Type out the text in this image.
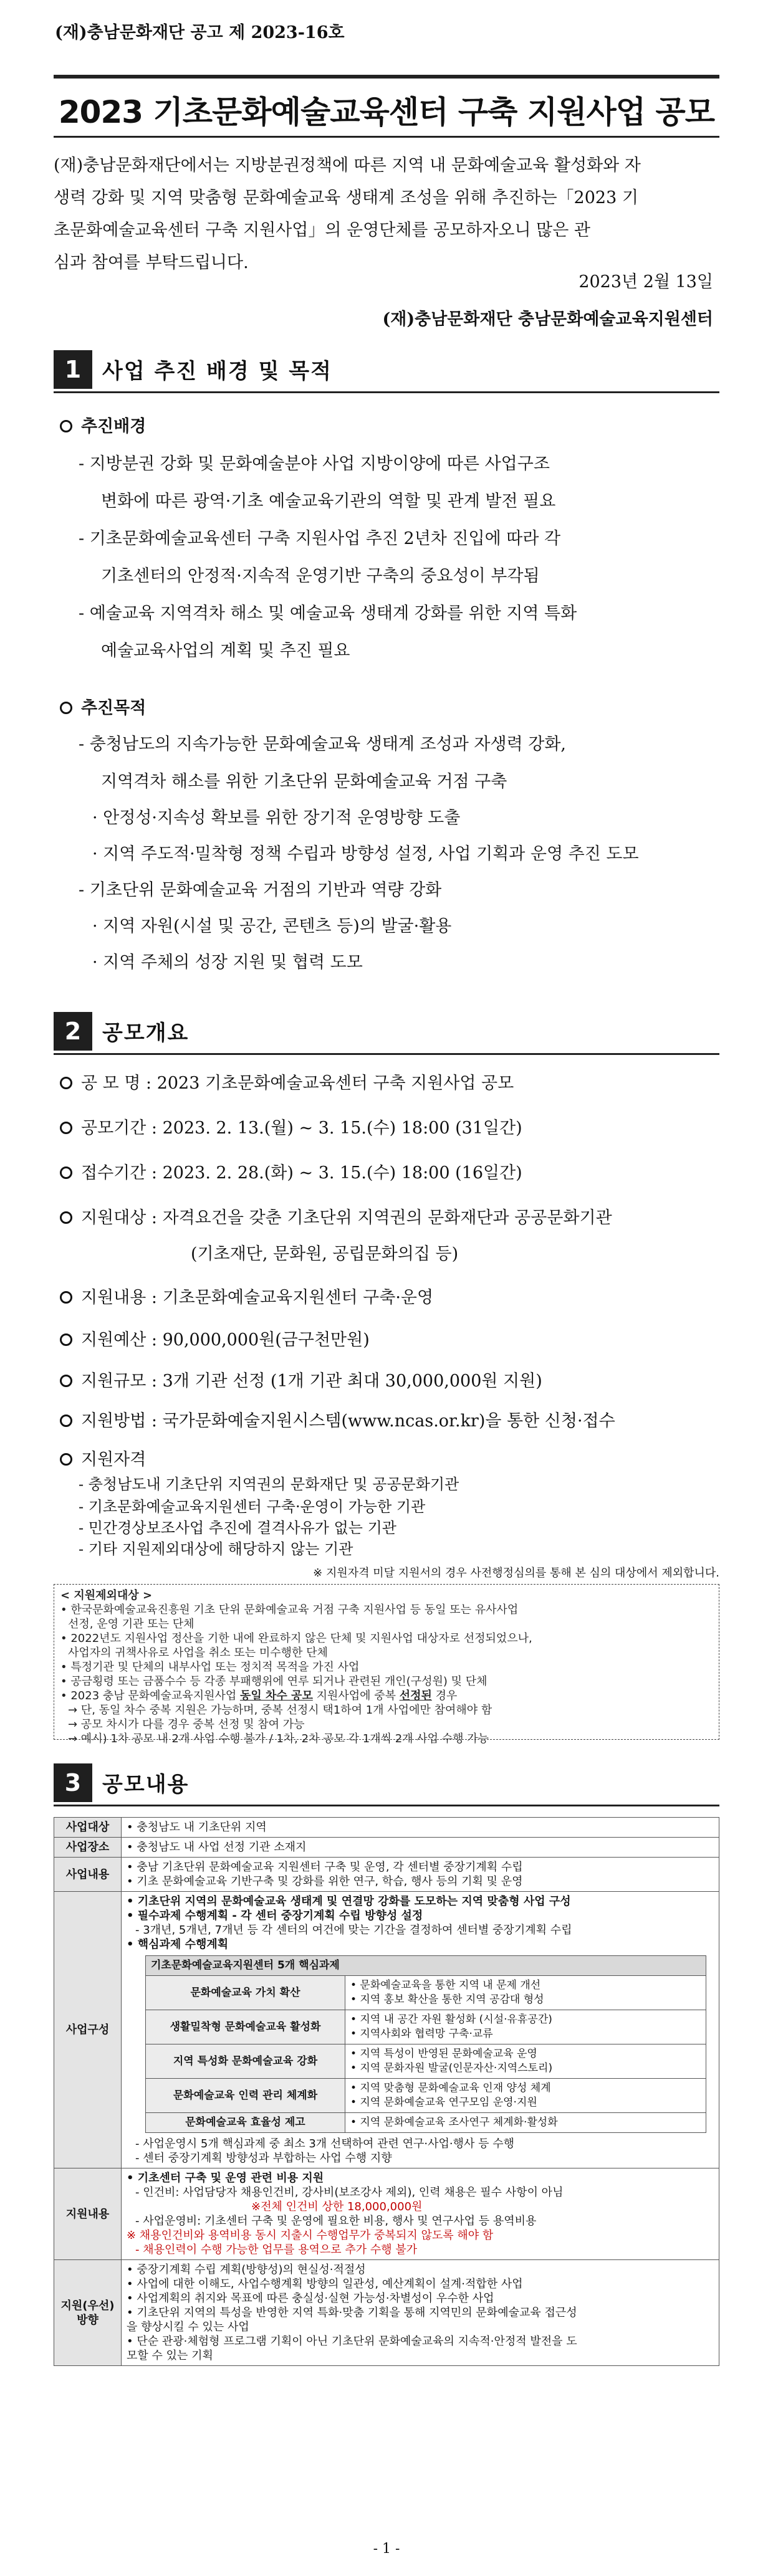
(재)충남문화재단 공고 제 2023-16호
2023 기초문화예술교육센터 구축 지원사업 공모
(재)충남문화재단에서는 지방분권정책에 따른 지역 내 문화예술교육 활성화와 자
생력 강화 및 지역 맞춤형 문화예술교육 생태계 조성을 위해 추진하는「2023 기
초문화예술교육센터 구축 지원사업」의 운영단체를 공모하자오니 많은 관
심과 참여를 부탁드립니다.
2023년 2월 13일
(재)충남문화재단 충남문화예술교육지원센터
1 사업 추진 배경 및 목적
추진배경
- 지방분권 강화 및 문화예술분야 사업 지방이양에 따른 사업구조
변화에 따른 광역·기초 예술교육기관의 역할 및 관계 발전 필요
- 기초문화예술교육센터 구축 지원사업 추진 2년차 진입에 따라 각
기초센터의 안정적·지속적 운영기반 구축의 중요성이 부각됨
- 예술교육 지역격차 해소 및 예술교육 생태계 강화를 위한 지역 특화
예술교육사업의 계획 및 추진 필요
추진목적
- 충청남도의 지속가능한 문화예술교육 생태계 조성과 자생력 강화,
지역격차 해소를 위한 기초단위 문화예술교육 거점 구축
· 안정성·지속성 확보를 위한 장기적 운영방향 도출
· 지역 주도적·밀착형 정책 수립과 방향성 설정, 사업 기획과 운영 추진 도모
- 기초단위 문화예술교육 거점의 기반과 역량 강화
· 지역 자원(시설 및 공간, 콘텐츠 등)의 발굴·활용
· 지역 주체의 성장 지원 및 협력 도모
2 공모개요
공 모 명 : 2023 기초문화예술교육센터 구축 지원사업 공모
공모기간 : 2023. 2. 13.(월) ~ 3. 15.(수) 18:00 (31일간)
접수기간 : 2023. 2. 28.(화) ~ 3. 15.(수) 18:00 (16일간)
지원대상 : 자격요건을 갖춘 기초단위 지역권의 문화재단과 공공문화기관
(기초재단, 문화원, 공립문화의집 등)
지원내용 : 기초문화예술교육지원센터 구축·운영
지원예산 : 90,000,000원(금구천만원)
지원규모 : 3개 기관 선정 (1개 기관 최대 30,000,000원 지원)
지원방법 : 국가문화예술지원시스템(www.ncas.or.kr)을 통한 신청·접수
지원자격
- 충청남도내 기초단위 지역권의 문화재단 및 공공문화기관
※ 지원자격 미달 지원서의 경우 사전행정심의를 통해 본 심의 대상에서 제외합니다.
< 지원제외대상 >
• 한국문화예술교육진흥원 기초 단위 문화예술교육 거점 구축 지원사업 등 동일 또는 유사사업
선정, 운영 기관 또는 단체
• 2022년도 지원사업 정산을 기한 내에 완료하지 않은 단체 및 지원사업 대상자로 선정되었으나,
사업자의 귀책사유로 사업을 취소 또는 미수행한 단체
• 특정기관 및 단체의 내부사업 또는 정치적 목적을 가진 사업
• 공금횡령 또는 금품수수 등 각종 부패행위에 연루 되거나 관련된 개인(구성원) 및 단체
• 2023 충남 문화예술교육지원사업 동일 차수 공모 지원사업에 중복 선정된 경우
→ 단, 동일 차수 중복 지원은 가능하며, 중복 선정시 택1하여 1개 사업에만 참여해야 함
→ 공모 차시가 다를 경우 중복 선정 및 참여 가능
→ 예시) 1차 공모 내 2개 사업 수행 불가 / 1차, 2차 공모 각 1개씩 2개 사업 수행 가능
3 공모내용
사업대상	• 충청남도 내 기초단위 지역
사업장소	• 충청남도 내 사업 선정 기관 소재지
사업내용	
• 충남 기초단위 문화예술교육 지원센터 구축 및 운영, 각 센터별 중장기계획 수립
• 기초 문화예술교육 기반구축 및 강화를 위한 연구, 학습, 행사 등의 기획 및 운영

사업구성	
• 기초단위 지역의 문화예술교육 생태계 및 연결망 강화를 도모하는 지역 맞춤형 사업 구성
• 필수과제 수행계획 - 각 센터 중장기계획 수립 방향성 설정
- 3개년, 5개년, 7개년 등 각 센터의 여건에 맞는 기간을 결정하여 센터별 중장기계획 수립
• 핵심과제 수행계획
기초문화예술교육지원센터 5개 핵심과제
문화예술교육 가치 확산	
• 문화예술교육을 통한 지역 내 문제 개선
• 지역 홍보 확산을 통한 지역 공감대 형성

생활밀착형 문화예술교육 활성화	
• 지역 내 공간 자원 활성화 (시설·유휴공간)
• 지역사회와 협력망 구축·교류

지역 특성화 문화예술교육 강화	
• 지역 특성이 반영된 문화예술교육 운영
• 지역 문화자원 발굴(인문자산·지역스토리)

문화예술교육 인력 관리 체계화	
• 지역 맞춤형 문화예술교육 인재 양성 체계
• 지역 문화예술교육 연구모임 운영·지원

문화예술교육 효율성 제고	• 지역 문화예술교육 조사연구 체계화·활성화
- 사업운영시 5개 핵심과제 중 최소 3개 선택하여 관련 연구·사업·행사 등 수행
- 센터 중장기계획 방향성과 부합하는 사업 수행 지향

지원내용	
• 기초센터 구축 및 운영 관련 비용 지원
- 인건비: 사업담당자 채용인건비, 강사비(보조강사 제외), 인력 채용은 필수 사항이 아님
※전체 인건비 상한 18,000,000원
- 사업운영비: 기초센터 구축 및 운영에 필요한 비용, 행사 및 연구사업 등 용역비용
※ 채용인건비와 용역비용 동시 지출시 수행업무가 중복되지 않도록 해야 함
- 채용인력이 수행 가능한 업무를 용역으로 추가 수행 불가

지원(우선) 방향	
• 중장기계획 수립 계획(방향성)의 현실성·적절성
• 사업에 대한 이해도, 사업수행계획 방향의 일관성, 예산계획이 설계·적합한 사업
• 사업계획의 취지와 목표에 따른 충실성·실현 가능성·차별성이 우수한 사업
• 기초단위 지역의 특성을 반영한 지역 특화·맞춤 기획을 통해 지역민의 문화예술교육 접근성
을 향상시킬 수 있는 사업
• 단순 관광·체험형 프로그램 기획이 아닌 기초단위 문화예술교육의 지속적·안정적 발전을 도
모할 수 있는 기획
- 1 -
- 기초문화예술교육지원센터 구축·운영이 가능한 기관
- 민간경상보조사업 추진에 결격사유가 없는 기관
- 기타 지원제외대상에 해당하지 않는 기관
